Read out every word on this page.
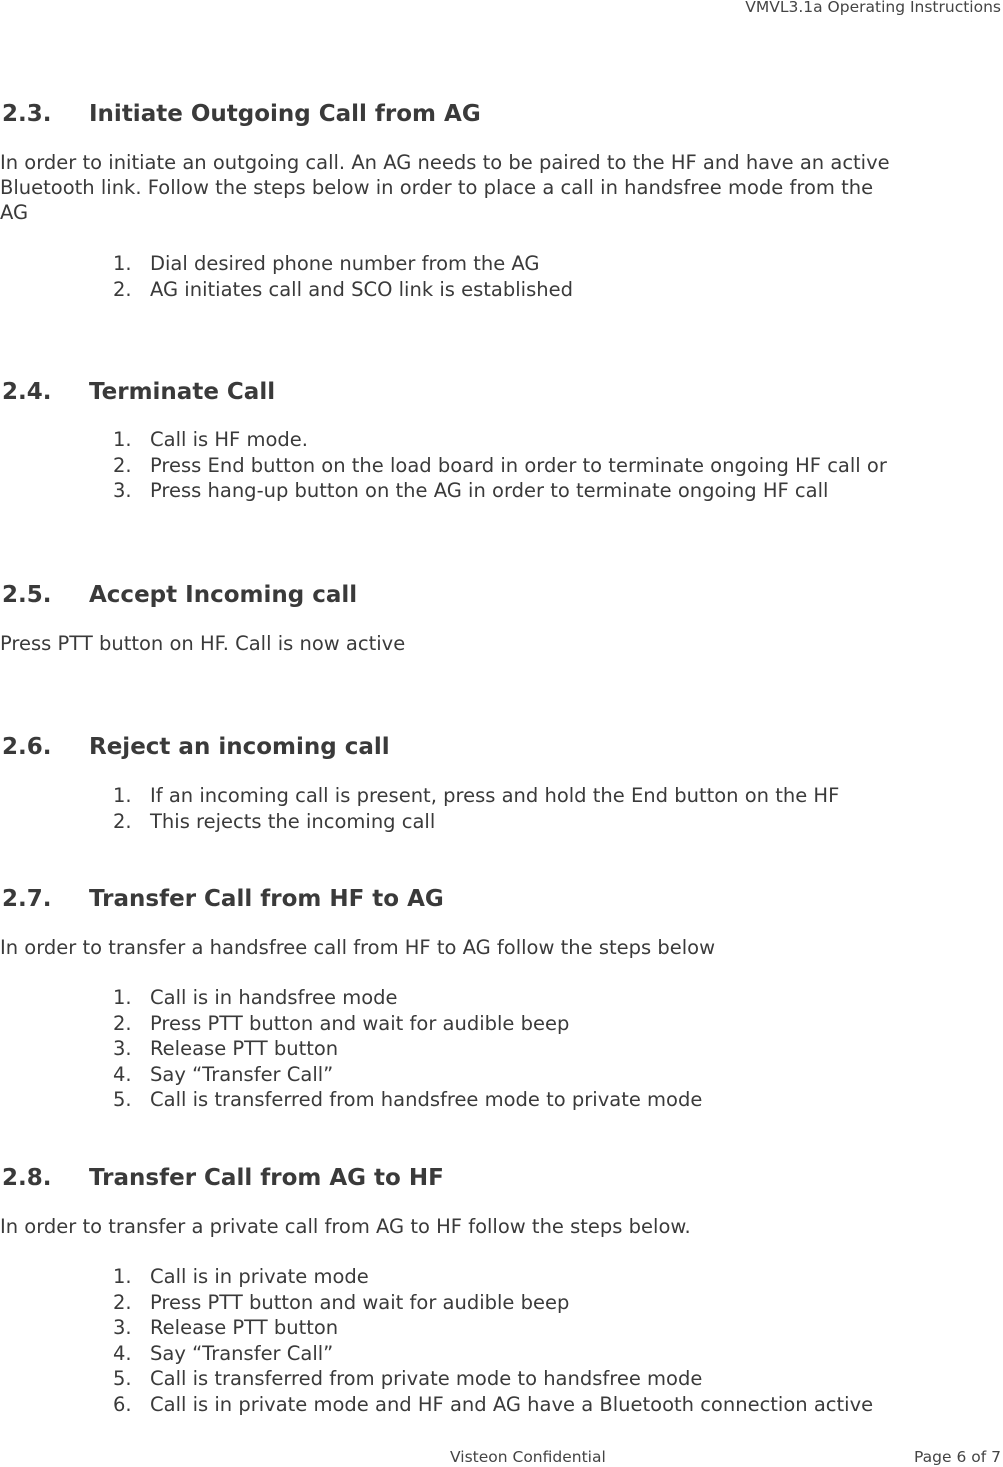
VMVL3.1a Operating Instructions
2.3. Initiate Outgoing Call from AG
In order to initiate an outgoing call. An AG needs to be paired to the HF and have an active
Bluetooth link. Follow the steps below in order to place a call in handsfree mode from the
AG
1. Dial desired phone number from the AG
2. AG initiates call and SCO link is established
2.4. Terminate Call
1. Call is HF mode.
2. Press End button on the load board in order to terminate ongoing HF call or
3. Press hang-up button on the AG in order to terminate ongoing HF call
2.5. Accept Incoming call
Press PTT button on HF. Call is now active
2.6. Reject an incoming call
1. If an incoming call is present, press and hold the End button on the HF
2. This rejects the incoming call
2.7. Transfer Call from HF to AG
In order to transfer a handsfree call from HF to AG follow the steps below
1. Call is in handsfree mode
2. Press PTT button and wait for audible beep
3. Release PTT button
4. Say “Transfer Call”
5. Call is transferred from handsfree mode to private mode
2.8. Transfer Call from AG to HF
In order to transfer a private call from AG to HF follow the steps below.
1. Call is in private mode
2. Press PTT button and wait for audible beep
3. Release PTT button
4. Say “Transfer Call”
5. Call is transferred from private mode to handsfree mode
6. Call is in private mode and HF and AG have a Bluetooth connection active
Visteon Confidential	Page 6 of 7
